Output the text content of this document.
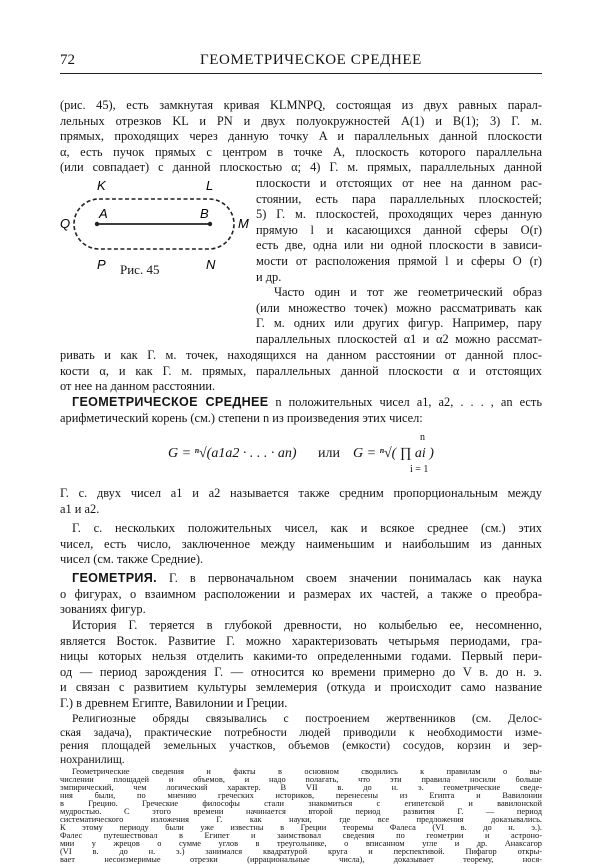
72	ГЕОМЕТРИЧЕСКОЕ СРЕДНЕЕ
(рис. 45), есть замкнутая кривая KLMNPQ, состоящая из двух равных парал-
лельных отрезков KL и PN и двух полуокружностей A(1) и B(1); 3) Г. м.
прямых, проходящих через данную точку A и параллельных данной плоскости
α, есть пучок прямых с центром в точке A, плоскость которого параллельна
(или совпадает) с данной плоскостью α; 4) Г. м. прямых, параллельных данной
K	L
A	B
Q	M
P	N
Рис. 45
плоскости и отстоящих от нее на данном рас-
стоянии, есть пара параллельных плоскостей;
5) Г. м. плоскостей, проходящих через данную
прямую l и касающихся данной сферы O(r)
есть две, одна или ни одной плоскости в зависи-
мости от расположения прямой l и сферы O (r)
и др.
Часто один и тот же геометрический образ
(или множество точек) можно рассматривать как
Г. м. одних или других фигур. Например, пару
параллельных плоскостей α1 и α2 можно рассмат-
ривать и как Г. м. точек, находящихся на данном расстоянии от данной плос-
кости α, и как Г. м. прямых, параллельных данной плоскости α и отстоящих
от нее на данном расстоянии.
ГЕОМЕТРИЧЕСКОЕ СРЕДНЕЕ n положительных чисел a1, a2, . . . , an есть
арифметический корень (см.) степени n из произведения этих чисел:
G = ⁿ√(a1a2 · . . . · an) или G = ⁿ√( ∏ ai )
n
i = 1
Г. с. двух чисел a1 и a2 называется также средним пропорциональным между
a1 и a2.
Г. с. нескольких положительных чисел, как и всякое среднее (см.) этих
чисел, есть число, заключенное между наименьшим и наибольшим из данных
чисел (см. также Средние).
ГЕОМЕТРИЯ. Г. в первоначальном своем значении понималась как наука
о фигурах, о взаимном расположении и размерах их частей, а также о преобра-
зованиях фигур.
История Г. теряется в глубокой древности, но колыбелью ее, несомненно,
является Восток. Развитие Г. можно характеризовать четырьмя периодами, гра-
ницы которых нельзя отделить какими-то определенными годами. Первый пери-
од — период зарождения Г. — относится ко времени примерно до V в. до н. э.
и связан с развитием культуры землемерия (откуда и происходит само название
Г.) в древнем Египте, Вавилонии и Греции.
Религиозные обряды связывались с построением жертвенников (см. Делос-
ская задача), практические потребности людей приводили к необходимости изме-
рения площадей земельных участков, объемов (емкости) сосудов, корзин и зер-
нохранилищ.
Геометрические сведения и факты в основном сводились к правилам о вы-
числении площадей и объемов, и надо полагать, что эти правила носили больше
эмпирический, чем логический характер. В VII в. до н. э. геометрические сведе-
ния были, по мнению греческих историков, перенесены из Египта и Вавилонии
в Грецию. Греческие философы стали знакомиться с египетской и вавилонской
мудростью. С этого времени начинается второй период развития Г. — период
систематического изложения Г. как науки, где все предложения доказывались.
К этому периоду были уже известны в Греции теоремы Фалеса (VI в. до н. э.).
Фалес путешествовал в Египет и заимствовал сведения по геометрии и астроно-
мии у жрецов о сумме углов в треугольнике, о вписанном угле и др. Анаксагор
(VI в. до н. э.) занимался квадратурой круга и перспективой. Пифагор откры-
вает несоизмеримые отрезки (иррациональные числа), доказывает теорему, нося-
